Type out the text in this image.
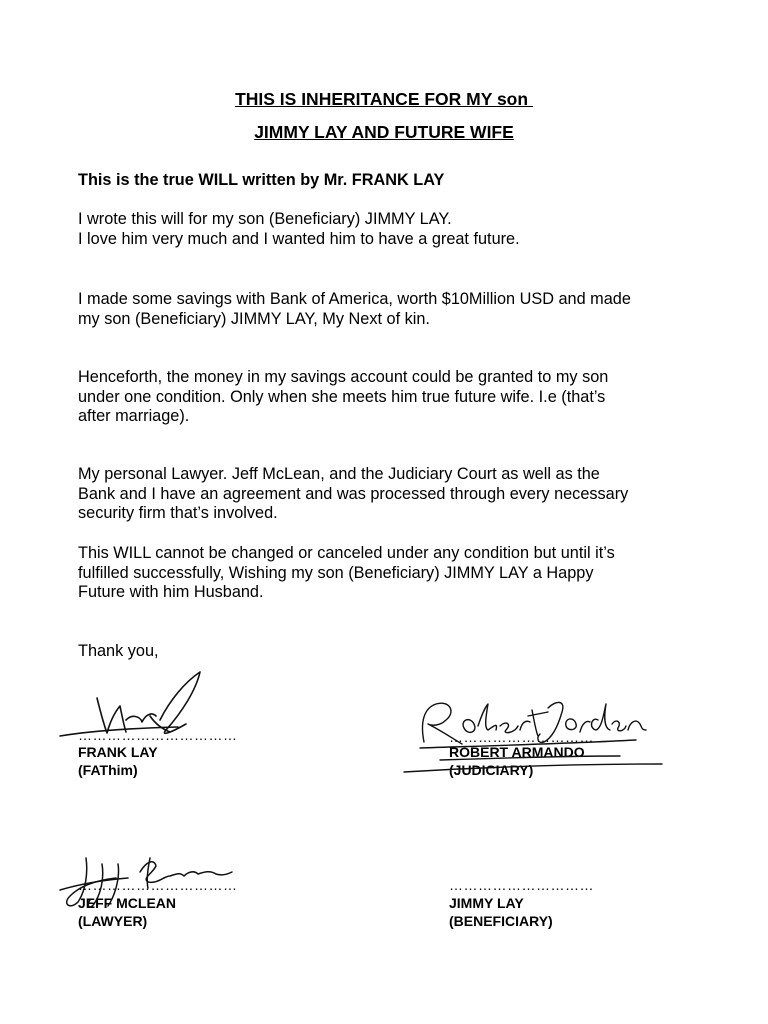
THIS IS INHERITANCE FOR MY son
JIMMY LAY AND FUTURE WIFE
This is the true WILL written by Mr. FRANK LAY
I wrote this will for my son (Beneficiary) JIMMY LAY.
I love him very much and I wanted him to have a great future.
I made some savings with Bank of America, worth $10Million USD and made
my son (Beneficiary) JIMMY LAY, My Next of kin.
Henceforth, the money in my savings account could be granted to my son
under one condition. Only when she meets him true future wife. I.e (that’s
after marriage).
My personal Lawyer. Jeff McLean, and the Judiciary Court as well as the
Bank and I have an agreement and was processed through every necessary
security firm that’s involved.
This WILL cannot be changed or canceled under any condition but until it’s
fulfilled successfully, Wishing my son (Beneficiary) JIMMY LAY a Happy
Future with him Husband.
Thank you,
……………………………
FRANK LAY
(FAThim)
…………………………
ROBERT ARMANDO
(JUDICIARY)
……………………………
JEFF MCLEAN
(LAWYER)
…………………………
JIMMY LAY
(BENEFICIARY)
